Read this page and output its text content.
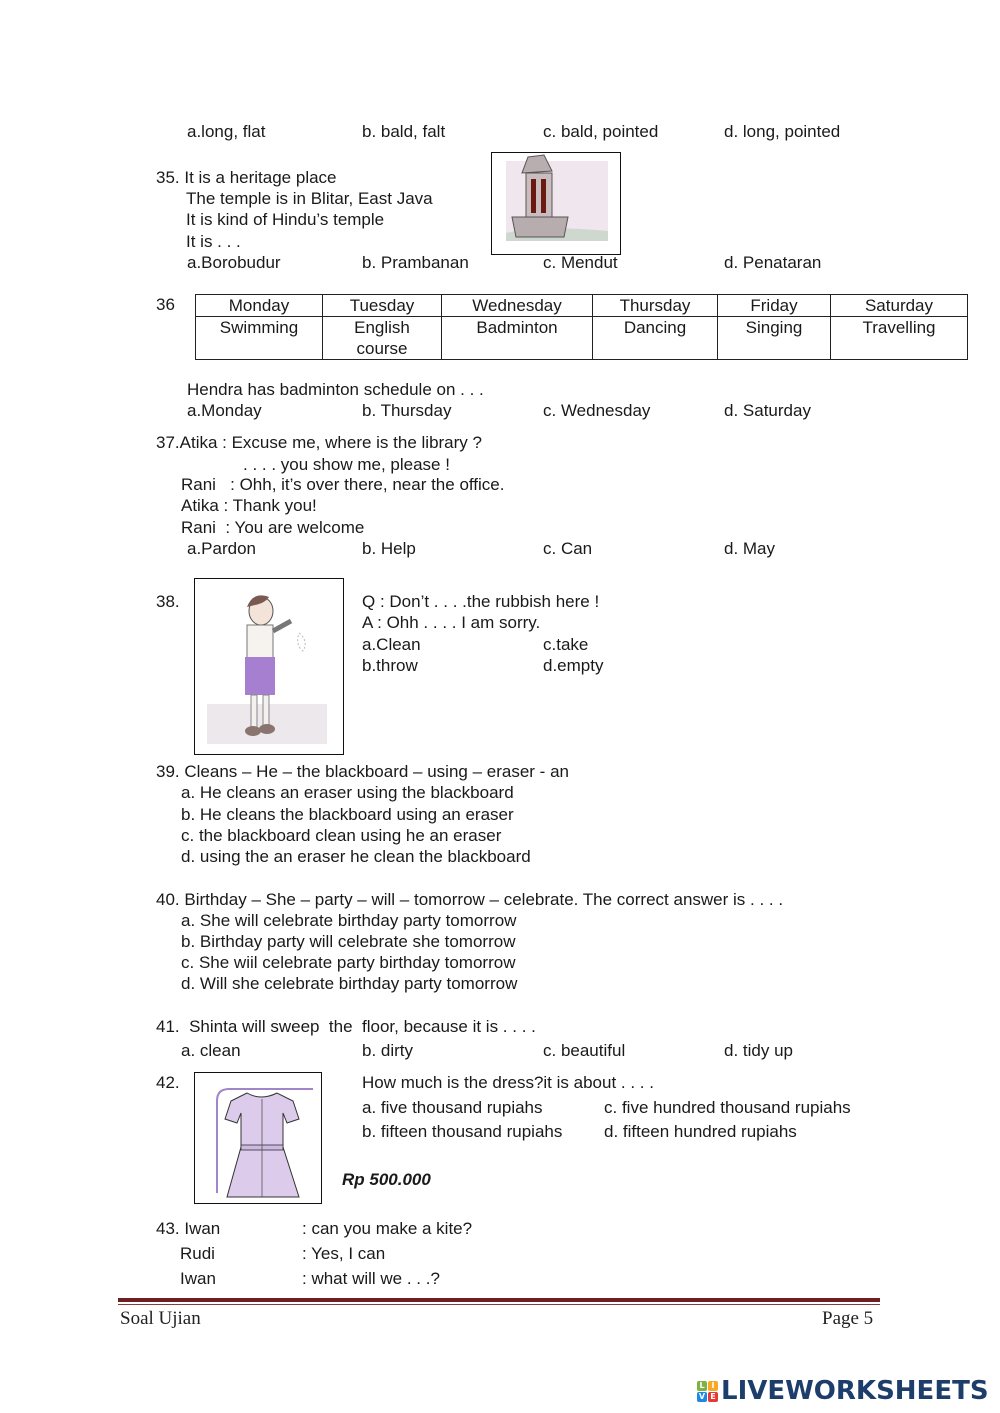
a.long, flat	b. bald, falt	c. bald, pointed	d. long, pointed
35. It is a heritage place
The temple is in Blitar, East Java
It is kind of Hindu’s temple
It is . . .
a.Borobudur	b. Prambanan	c. Mendut	d. Penataran
36	Monday	Tuesday	Wednesday	Thursday	Friday	Saturday
Swimming	English course	Badminton	Dancing	Singing	Travelling
Hendra has badminton schedule on . . .
a.Monday	b. Thursday	c. Wednesday	d. Saturday
37.Atika : Excuse me, where is the library ?
. . . . you show me, please !
Rani   : Ohh, it’s over there, near the office.
Atika : Thank you!
Rani  : You are welcome
a.Pardon	b. Help	c. Can	d. May
38.	Q : Don’t . . . .the rubbish here !
A : Ohh . . . . I am sorry.
a.Clean	c.take
b.throw	d.empty
39. Cleans – He – the blackboard – using – eraser - an
a. He cleans an eraser using the blackboard
b. He cleans the blackboard using an eraser
c. the blackboard clean using he an eraser
d. using the an eraser he clean the blackboard
40. Birthday – She – party – will – tomorrow – celebrate. The correct answer is . . . .
a. She will celebrate birthday party tomorrow
b. Birthday party will celebrate she tomorrow
c. She wiil celebrate party birthday tomorrow
d. Will she celebrate birthday party tomorrow
41.  Shinta will sweep  the  floor, because it is . . . .
a. clean	b. dirty	c. beautiful	d. tidy up
42.	How much is the dress?it is about . . . .
a. five thousand rupiahs	c. five hundred thousand rupiahs
b. fifteen thousand rupiahs d. fifteen hundred rupiahs
Rp 500.000
43. Iwan	: can you make a kite?
Rudi	: Yes, I can
Iwan	: what will we . . .?
Soal Ujian	Page 5
L I
V E LIVEWORKSHEETS
